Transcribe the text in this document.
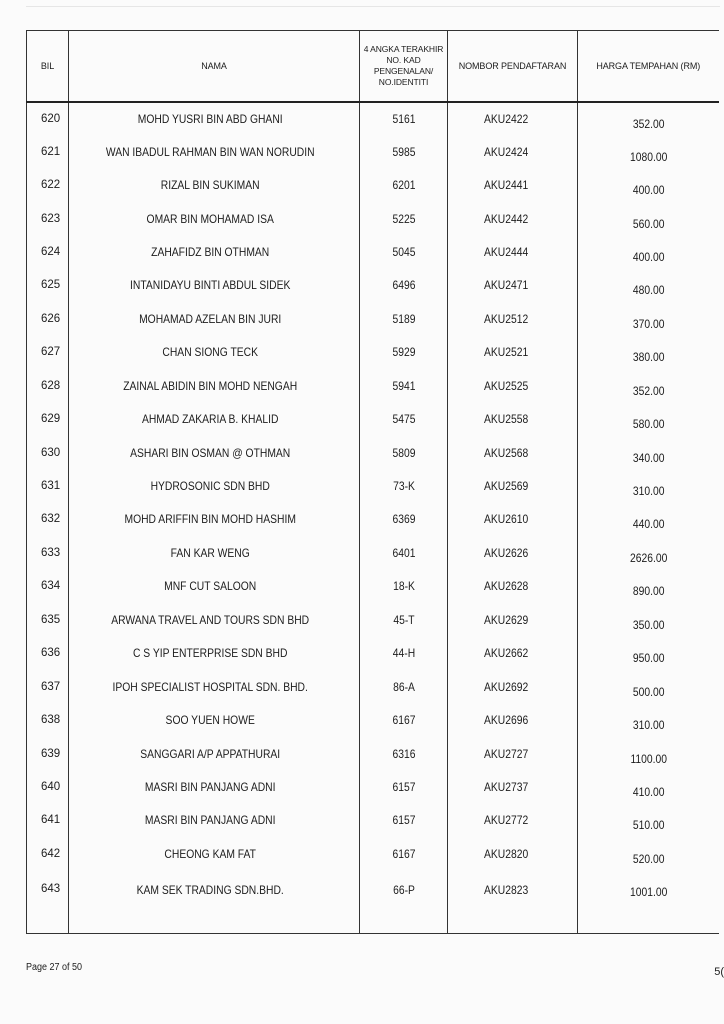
BIL	NAMA	4 ANGKA TERAKHIR NO. KAD PENGENALAN/ NO.IDENTITI	NOMBOR PENDAFTARAN	HARGA TEMPAHAN (RM)
620	MOHD YUSRI BIN ABD GHANI	5161	AKU2422	352.00
621	WAN IBADUL RAHMAN BIN WAN NORUDIN	5985	AKU2424	1080.00
622	RIZAL BIN SUKIMAN	6201	AKU2441	400.00
623	OMAR BIN MOHAMAD ISA	5225	AKU2442	560.00
624	ZAHAFIDZ BIN OTHMAN	5045	AKU2444	400.00
625	INTANIDAYU BINTI ABDUL SIDEK	6496	AKU2471	480.00
626	MOHAMAD AZELAN BIN JURI	5189	AKU2512	370.00
627	CHAN SIONG TECK	5929	AKU2521	380.00
628	ZAINAL ABIDIN BIN MOHD NENGAH	5941	AKU2525	352.00
629	AHMAD ZAKARIA B. KHALID	5475	AKU2558	580.00
630	ASHARI BIN OSMAN @ OTHMAN	5809	AKU2568	340.00
631	HYDROSONIC SDN BHD	73-K	AKU2569	310.00
632	MOHD ARIFFIN BIN MOHD HASHIM	6369	AKU2610	440.00
633	FAN KAR WENG	6401	AKU2626	2626.00
634	MNF CUT SALOON	18-K	AKU2628	890.00
635	ARWANA TRAVEL AND TOURS SDN BHD	45-T	AKU2629	350.00
636	C S YIP ENTERPRISE SDN BHD	44-H	AKU2662	950.00
637	IPOH SPECIALIST HOSPITAL SDN. BHD.	86-A	AKU2692	500.00
638	SOO YUEN HOWE	6167	AKU2696	310.00
639	SANGGARI A/P APPATHURAI	6316	AKU2727	1100.00
640	MASRI BIN PANJANG ADNI	6157	AKU2737	410.00
641	MASRI BIN PANJANG ADNI	6157	AKU2772	510.00
642	CHEONG KAM FAT	6167	AKU2820	520.00
643	KAM SEK TRADING SDN.BHD.	66-P	AKU2823	1001.00
Page 27 of 50	5(
